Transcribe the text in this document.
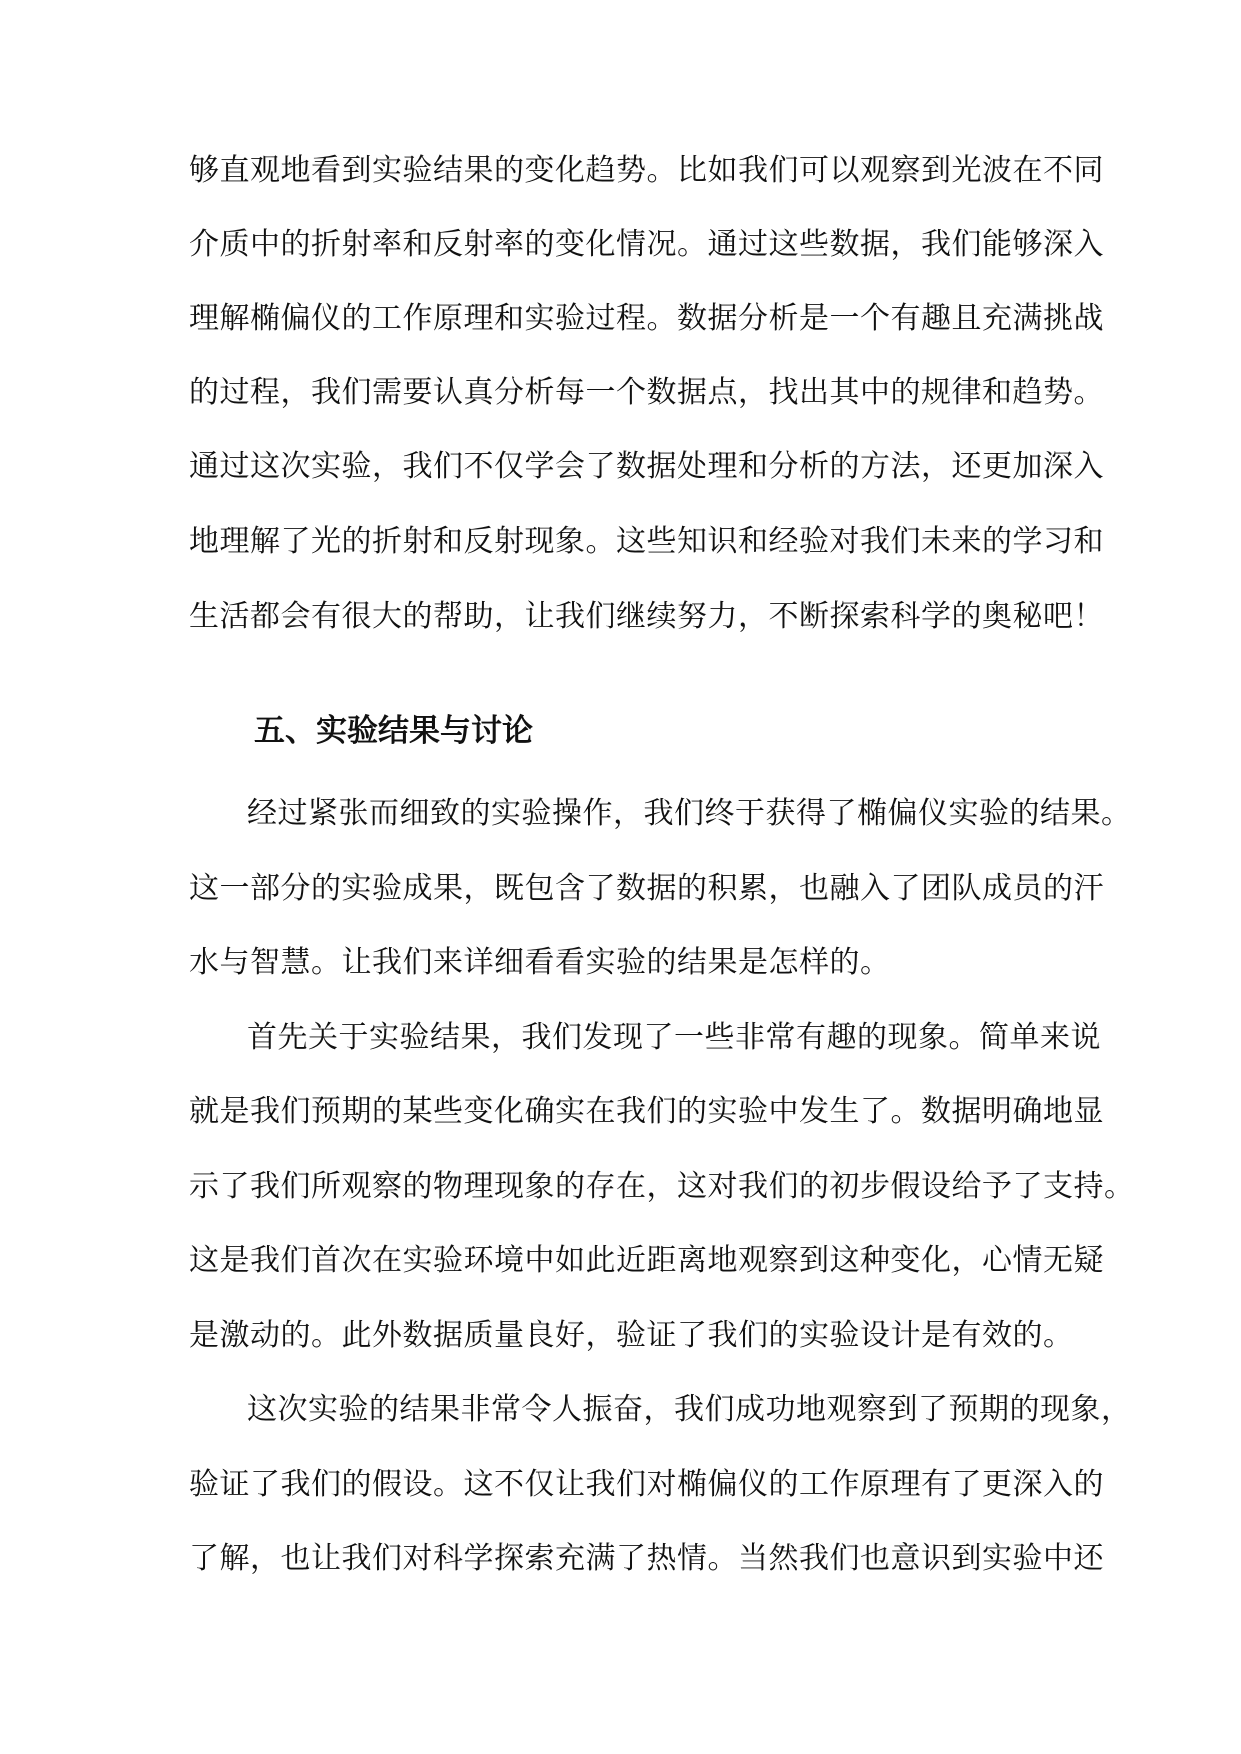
够直观地看到实验结果的变化趋势。比如我们可以观察到光波在不同
介质中的折射率和反射率的变化情况。通过这些数据，我们能够深入
理解椭偏仪的工作原理和实验过程。数据分析是一个有趣且充满挑战
的过程，我们需要认真分析每一个数据点，找出其中的规律和趋势。
通过这次实验，我们不仅学会了数据处理和分析的方法，还更加深入
地理解了光的折射和反射现象。这些知识和经验对我们未来的学习和
生活都会有很大的帮助，让我们继续努力，不断探索科学的奥秘吧！
五、实验结果与讨论
经过紧张而细致的实验操作，我们终于获得了椭偏仪实验的结果。
这一部分的实验成果，既包含了数据的积累，也融入了团队成员的汗
水与智慧。让我们来详细看看实验的结果是怎样的。
首先关于实验结果，我们发现了一些非常有趣的现象。简单来说
就是我们预期的某些变化确实在我们的实验中发生了。数据明确地显
示了我们所观察的物理现象的存在，这对我们的初步假设给予了支持。
这是我们首次在实验环境中如此近距离地观察到这种变化，心情无疑
是激动的。此外数据质量良好，验证了我们的实验设计是有效的。
这次实验的结果非常令人振奋，我们成功地观察到了预期的现象，
验证了我们的假设。这不仅让我们对椭偏仪的工作原理有了更深入的
了解，也让我们对科学探索充满了热情。当然我们也意识到实验中还
